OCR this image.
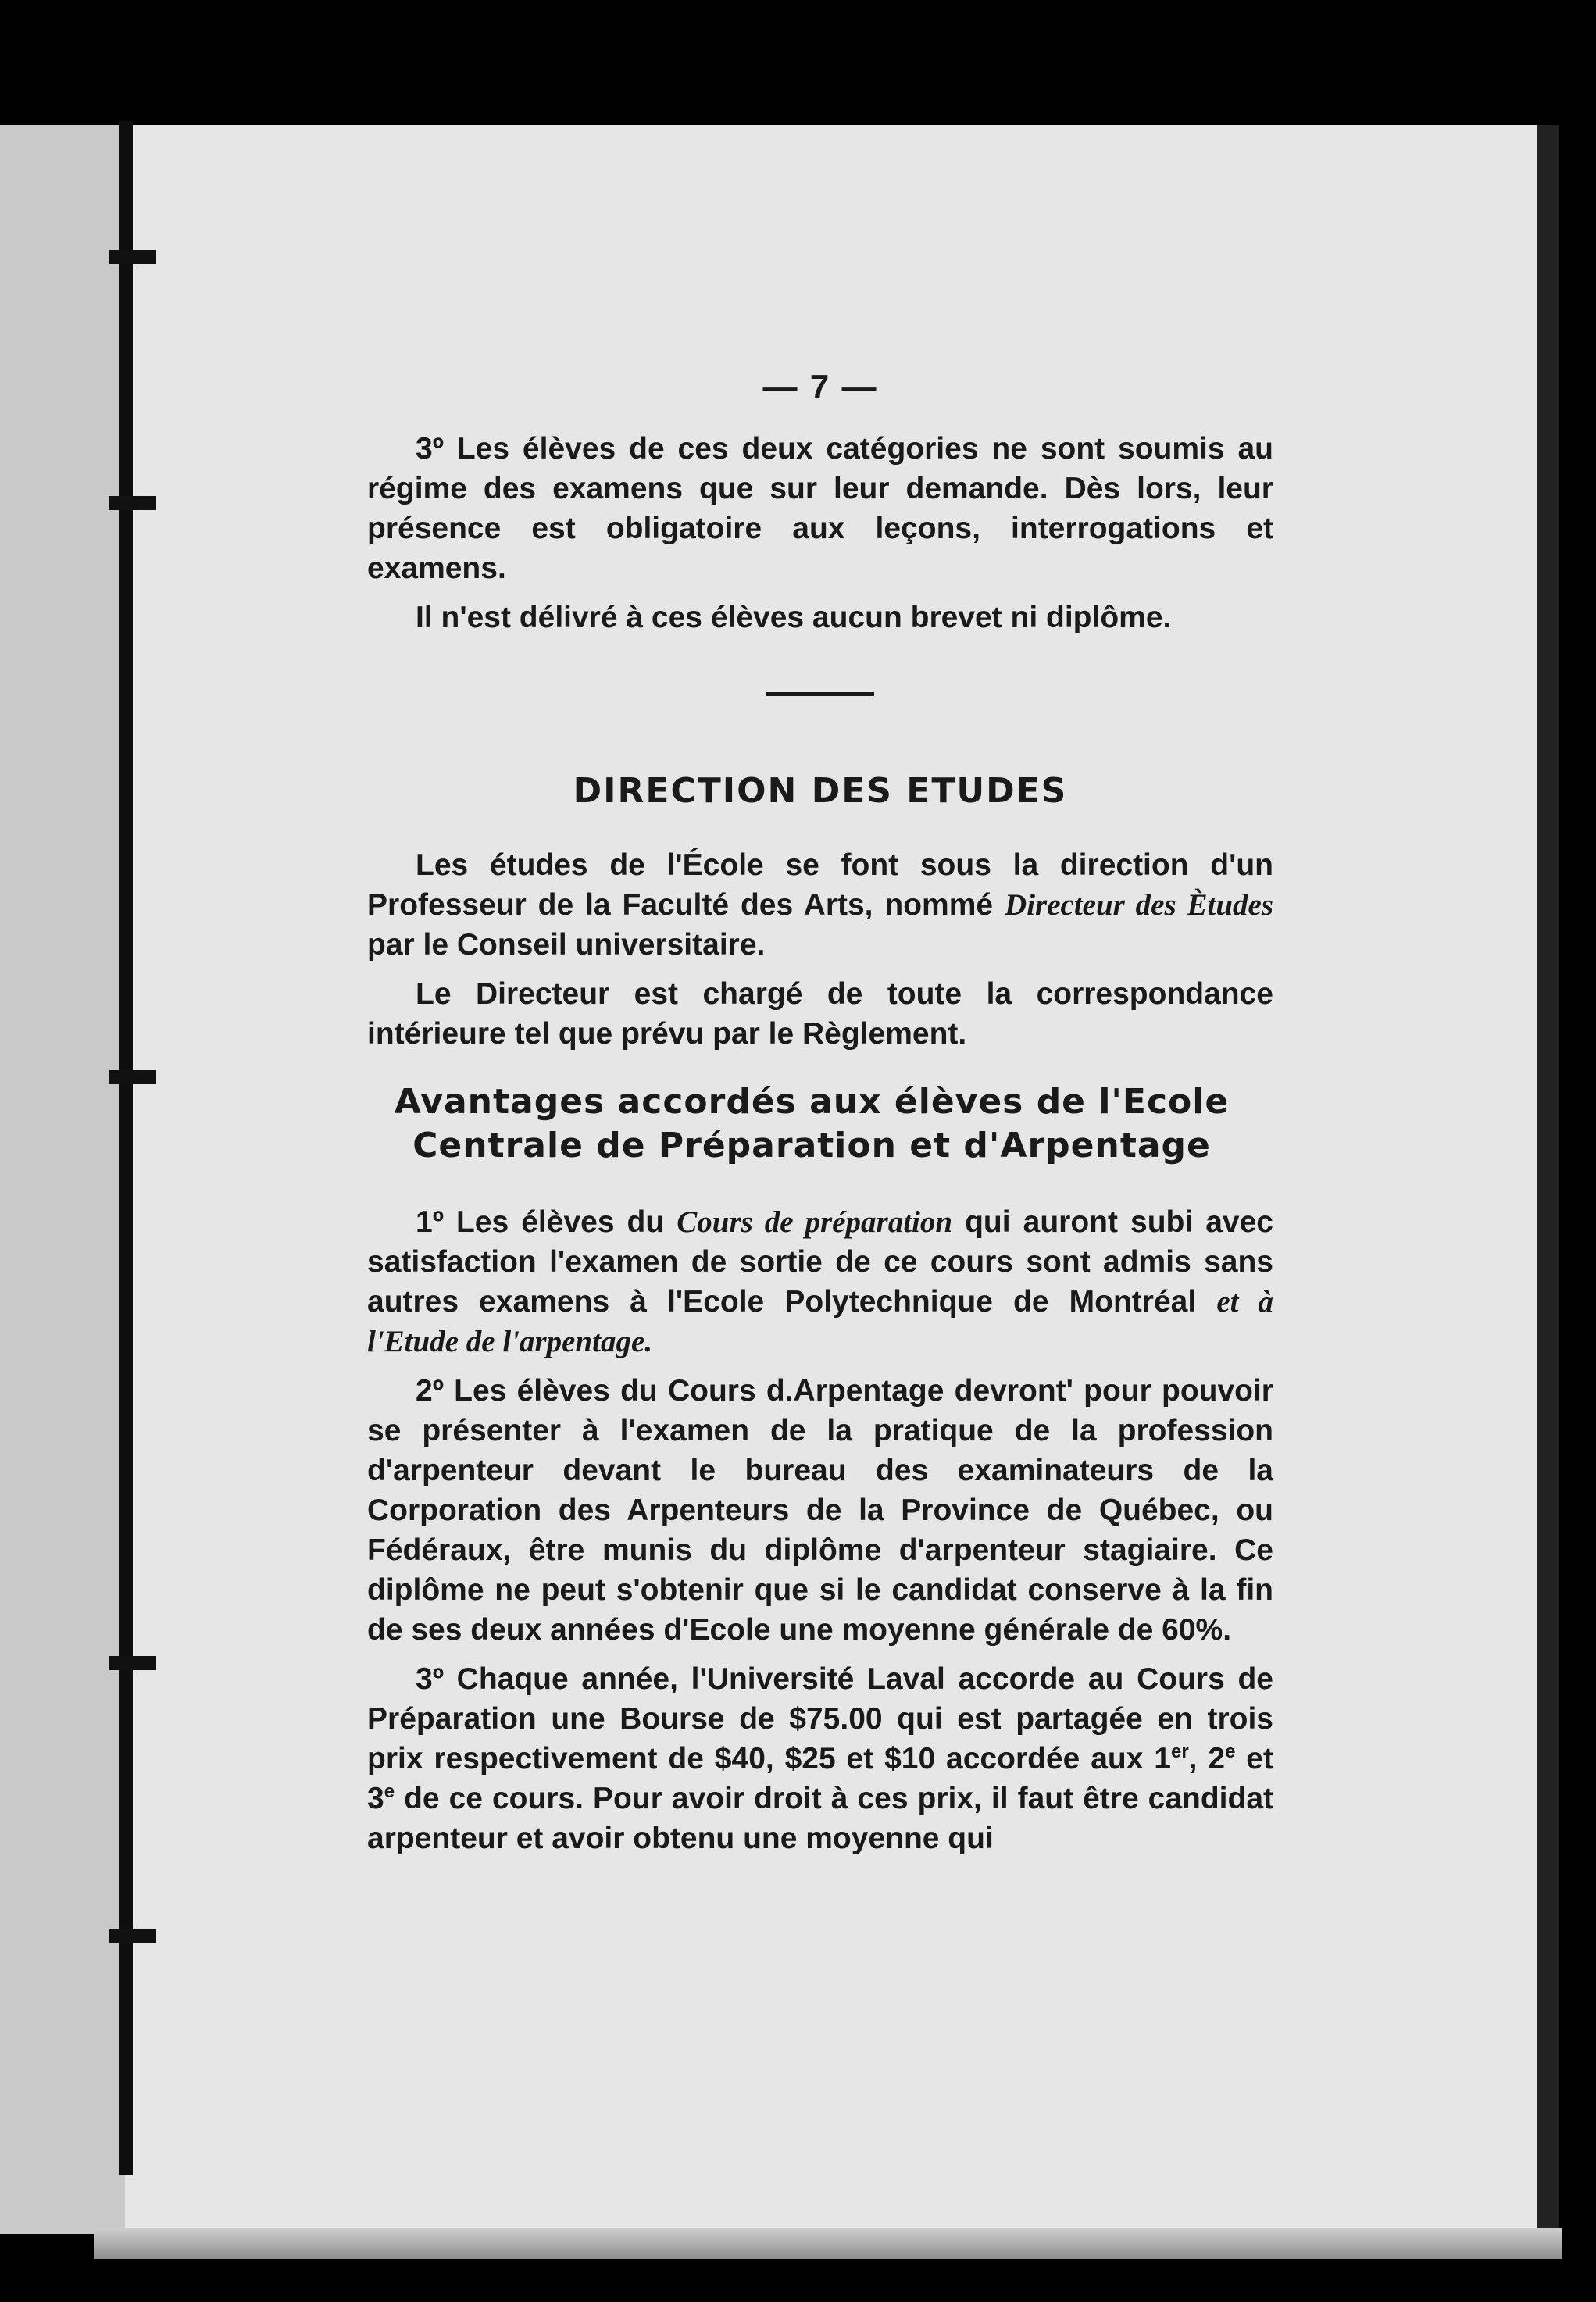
— 7 —

3º Les élèves de ces deux catégories ne sont soumis au régime des examens que sur leur demande. Dès lors, leur présence est obligatoire aux leçons, interrogations et examens.

Il n'est délivré à ces élèves aucun brevet ni diplôme.

DIRECTION DES ETUDES

Les études de l'École se font sous la direction d'un Professeur de la Faculté des Arts, nommé Directeur des Ètudes par le Conseil universitaire.

Le Directeur est chargé de toute la correspondance intérieure tel que prévu par le Règlement.

Avantages accordés aux élèves de l'Ecole
Centrale de Préparation et d'Arpentage

1º Les élèves du Cours de préparation qui auront subi avec satisfaction l'examen de sortie de ce cours sont admis sans autres examens à l'Ecole Polytechnique de Montréal et à l'Etude de l'arpentage.

2º Les élèves du Cours d.Arpentage devront' pour pouvoir se présenter à l'examen de la pratique de la profession d'arpenteur devant le bureau des examinateurs de la Corporation des Arpenteurs de la Province de Québec, ou Fédéraux, être munis du diplôme d'arpenteur stagiaire. Ce diplôme ne peut s'obtenir que si le candidat conserve à la fin de ses deux années d'Ecole une moyenne générale de 60%.

3º Chaque année, l'Université Laval accorde au Cours de Préparation une Bourse de $75.00 qui est partagée en trois prix respectivement de $40, $25 et $10 accordée aux 1er, 2e et 3e de ce cours. Pour avoir droit à ces prix, il faut être candidat arpenteur et avoir obtenu une moyenne qui
